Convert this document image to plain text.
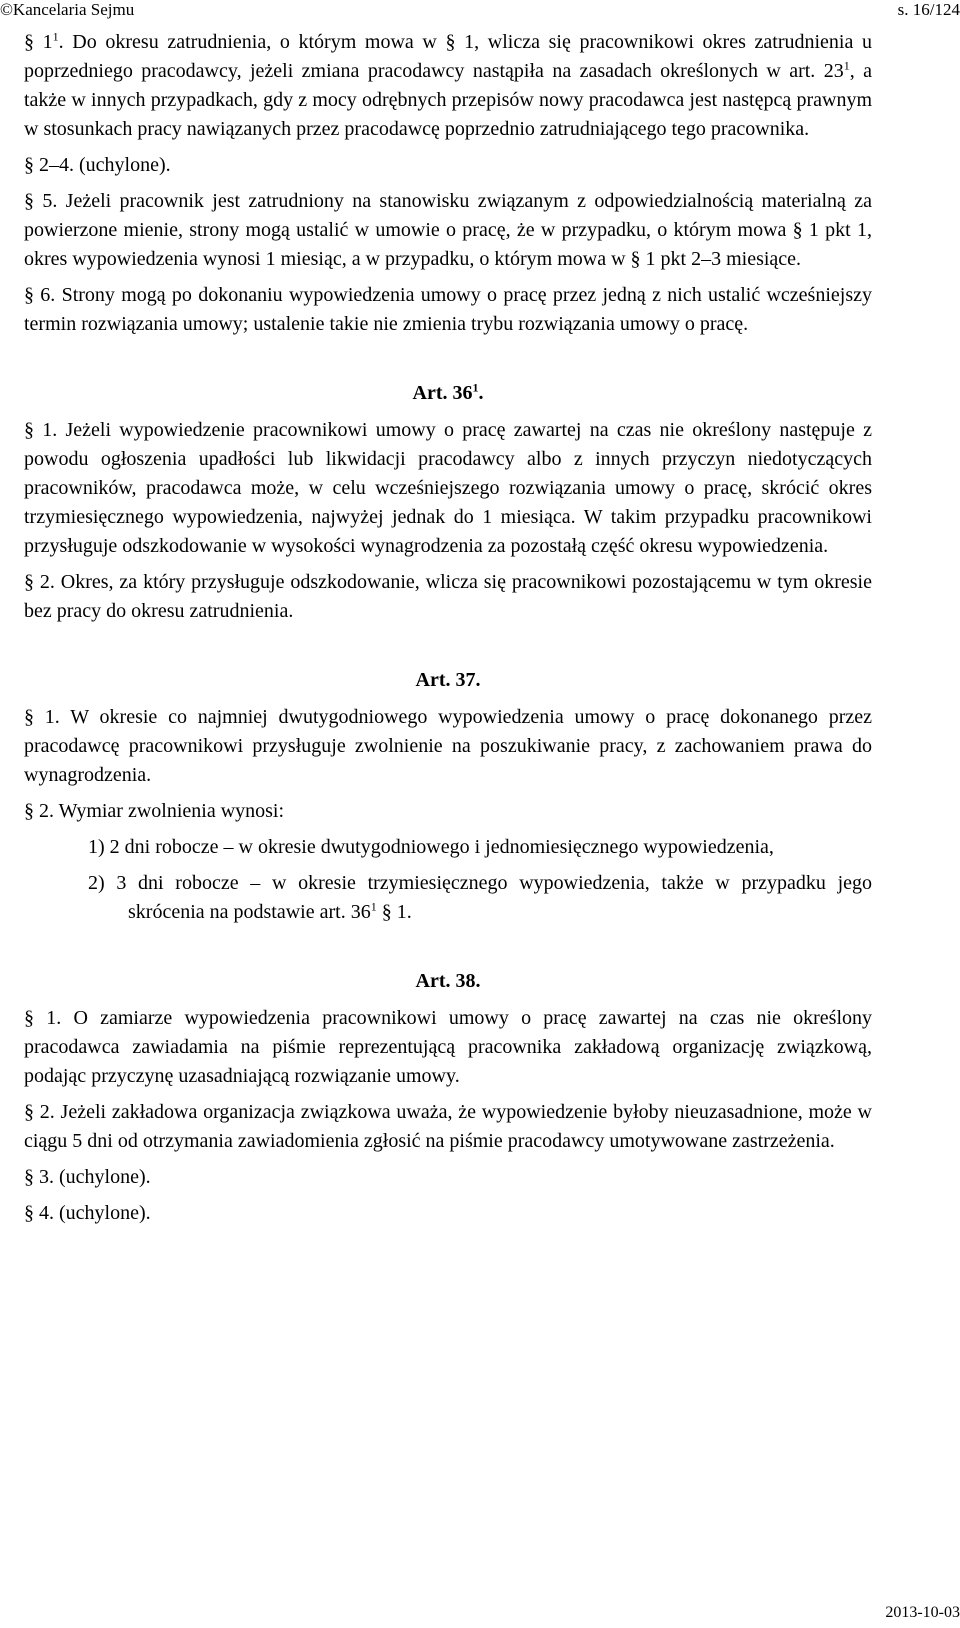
©Kancelaria Sejmu	s. 16/124

§ $1^1$. Do okresu zatrudnienia, o którym mowa w § 1, wlicza się pracownikowi okres zatrudnienia u poprzedniego pracodawcy, jeżeli zmiana pracodawcy nastąpiła na zasadach określonych w art. $23^1$, a także w innych przypadkach, gdy z mocy odrębnych przepisów nowy pracodawca jest następcą prawnym w stosunkach pracy nawiązanych przez pracodawcę poprzednio zatrudniającego tego pracownika.

§ 2–4. (uchylone).

§ 5. Jeżeli pracownik jest zatrudniony na stanowisku związanym z odpowiedzialnością materialną za powierzone mienie, strony mogą ustalić w umowie o pracę, że w przypadku, o którym mowa § 1 pkt 1, okres wypowiedzenia wynosi 1 miesiąc, a w przypadku, o którym mowa w § 1 pkt 2–3 miesiące.

§ 6. Strony mogą po dokonaniu wypowiedzenia umowy o pracę przez jedną z nich ustalić wcześniejszy termin rozwiązania umowy; ustalenie takie nie zmienia trybu rozwiązania umowy o pracę.

Art. $36^1$.

§ 1. Jeżeli wypowiedzenie pracownikowi umowy o pracę zawartej na czas nie określony następuje z powodu ogłoszenia upadłości lub likwidacji pracodawcy albo z innych przyczyn niedotyczących pracowników, pracodawca może, w celu wcześniejszego rozwiązania umowy o pracę, skrócić okres trzymiesięcznego wypowiedzenia, najwyżej jednak do 1 miesiąca. W takim przypadku pracownikowi przysługuje odszkodowanie w wysokości wynagrodzenia za pozostałą część okresu wypowiedzenia.

§ 2. Okres, za który przysługuje odszkodowanie, wlicza się pracownikowi pozostającemu w tym okresie bez pracy do okresu zatrudnienia.

Art. 37.

§ 1. W okresie co najmniej dwutygodniowego wypowiedzenia umowy o pracę dokonanego przez pracodawcę pracownikowi przysługuje zwolnienie na poszukiwanie pracy, z zachowaniem prawa do wynagrodzenia.

§ 2. Wymiar zwolnienia wynosi:

1) 2 dni robocze – w okresie dwutygodniowego i jednomiesięcznego wypowiedzenia,

2) 3 dni robocze – w okresie trzymiesięcznego wypowiedzenia, także w przypadku jego skrócenia na podstawie art. $36^1$ § 1.

Art. 38.

§ 1. O zamiarze wypowiedzenia pracownikowi umowy o pracę zawartej na czas nie określony pracodawca zawiadamia na piśmie reprezentującą pracownika zakładową organizację związkową, podając przyczynę uzasadniającą rozwiązanie umowy.

§ 2. Jeżeli zakładowa organizacja związkowa uważa, że wypowiedzenie byłoby nieuzasadnione, może w ciągu 5 dni od otrzymania zawiadomienia zgłosić na piśmie pracodawcy umotywowane zastrzeżenia.

§ 3. (uchylone).

§ 4. (uchylone).

2013-10-03
